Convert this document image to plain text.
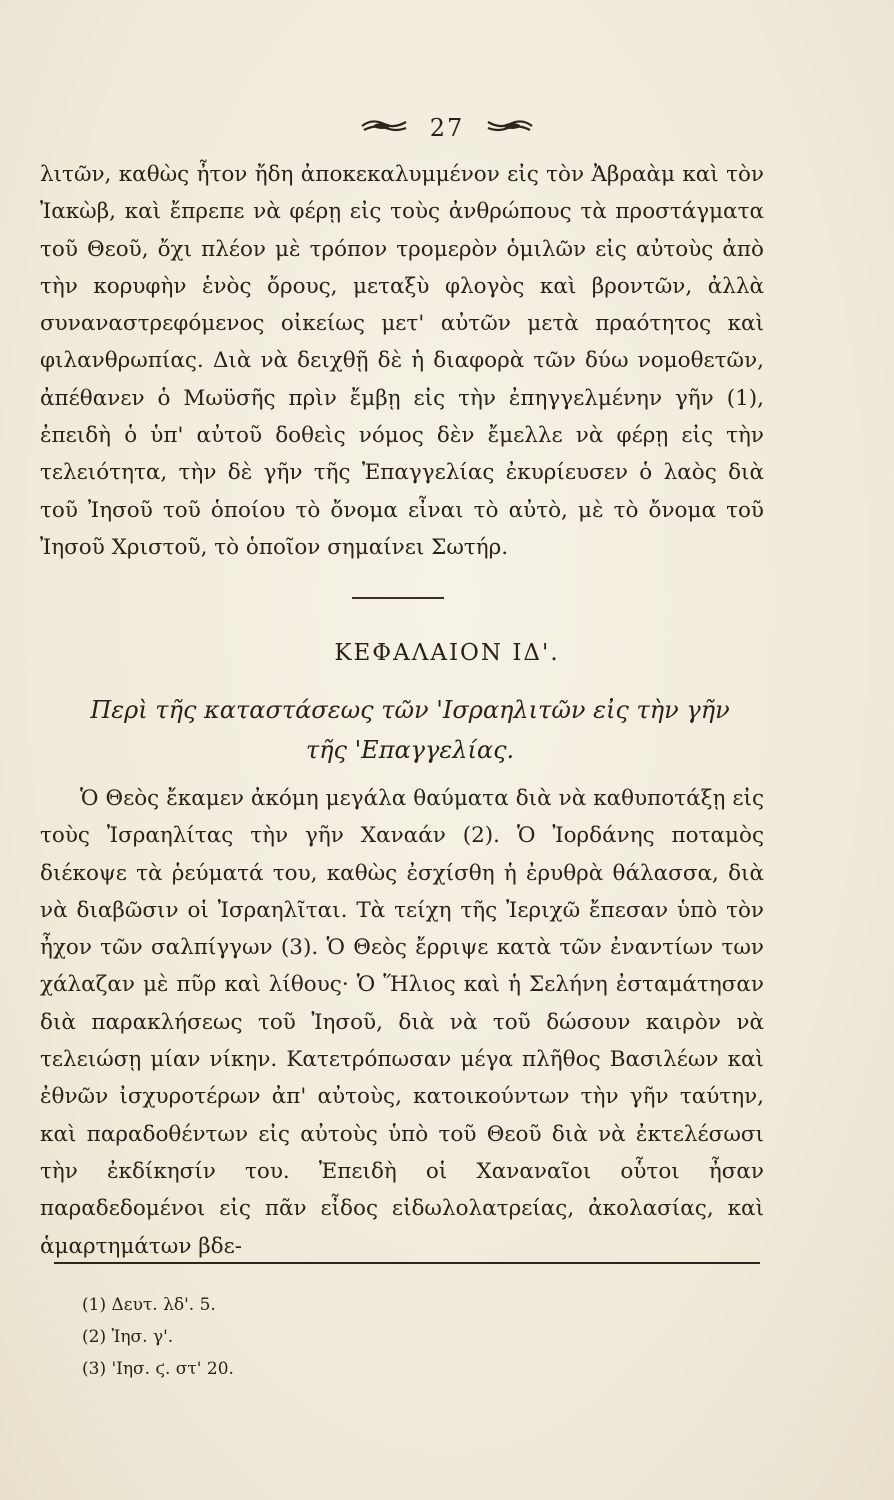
27

λιτῶν, καθὼς ἦτον ἤδη ἀποκεκαλυμμένον εἰς τὸν Ἀβραὰμ καὶ τὸν Ἰακὼβ, καὶ ἔπρεπε νὰ φέρῃ εἰς τοὺς ἀνθρώπους τὰ προστάγματα τοῦ Θεοῦ, ὄχι πλέον μὲ τρόπον τρομερὸν ὁμιλῶν εἰς αὐτοὺς ἀπὸ τὴν κορυφὴν ἑνὸς ὄρους, μεταξὺ φλογὸς καὶ βροντῶν, ἀλλὰ συναναστρεφόμενος οἰκείως μετ' αὐτῶν μετὰ πραότητος καὶ φιλανθρωπίας. Διὰ νὰ δειχθῇ δὲ ἡ διαφορὰ τῶν δύω νομοθετῶν, ἀπέθανεν ὁ Μωϋσῆς πρὶν ἔμβῃ εἰς τὴν ἐπηγγελμένην γῆν (1), ἐπειδὴ ὁ ὑπ' αὐτοῦ δοθεὶς νόμος δὲν ἔμελλε νὰ φέρῃ εἰς τὴν τελειότητα, τὴν δὲ γῆν τῆς Ἐπαγγελίας ἐκυρίευσεν ὁ λαὸς διὰ τοῦ Ἰησοῦ τοῦ ὁποίου τὸ ὄνομα εἶναι τὸ αὐτὸ, μὲ τὸ ὄνομα τοῦ Ἰησοῦ Χριστοῦ, τὸ ὁποῖον σημαίνει Σωτήρ.

ΚΕΦΑΛΑΙΟΝ ΙΔ'.
Περὶ τῆς καταστάσεως τῶν 'Ισραηλιτῶν εἰς τὴν γῆν
τῆς 'Επαγγελίας.

Ὁ Θεὸς ἔκαμεν ἀκόμη μεγάλα θαύματα διὰ νὰ καθυποτάξῃ εἰς τοὺς Ἰσραηλίτας τὴν γῆν Χαναάν (2). Ὁ Ἰορδάνης ποταμὸς διέκοψε τὰ ῥεύματά του, καθὼς ἐσχίσθη ἡ ἐρυθρὰ θάλασσα, διὰ νὰ διαβῶσιν οἱ Ἰσραηλῖται. Τὰ τείχη τῆς Ἰεριχῶ ἔπεσαν ὑπὸ τὸν ἦχον τῶν σαλπίγγων (3). Ὁ Θεὸς ἔρριψε κατὰ τῶν ἐναντίων των χάλαζαν μὲ πῦρ καὶ λίθους· Ὁ Ἥλιος καὶ ἡ Σελήνη ἐσταμάτησαν διὰ παρακλήσεως τοῦ Ἰησοῦ, διὰ νὰ τοῦ δώσουν καιρὸν νὰ τελειώσῃ μίαν νίκην. Κατετρόπωσαν μέγα πλῆθος Βασιλέων καὶ ἐθνῶν ἰσχυροτέρων ἀπ' αὐτοὺς, κατοικούντων τὴν γῆν ταύτην, καὶ παραδοθέντων εἰς αὐτοὺς ὑπὸ τοῦ Θεοῦ διὰ νὰ ἐκτελέσωσι τὴν ἐκδίκησίν του. Ἐπειδὴ οἱ Χαναναῖοι οὗτοι ἦσαν παραδεδομένοι εἰς πᾶν εἶδος εἰδωλολατρείας, ἀκολασίας, καὶ ἁμαρτημάτων βδε-

(1) Δευτ. λδ'. 5.
(2) Ἰησ. γ'.
(3) 'Ιησ. ϛ. στ' 20.
